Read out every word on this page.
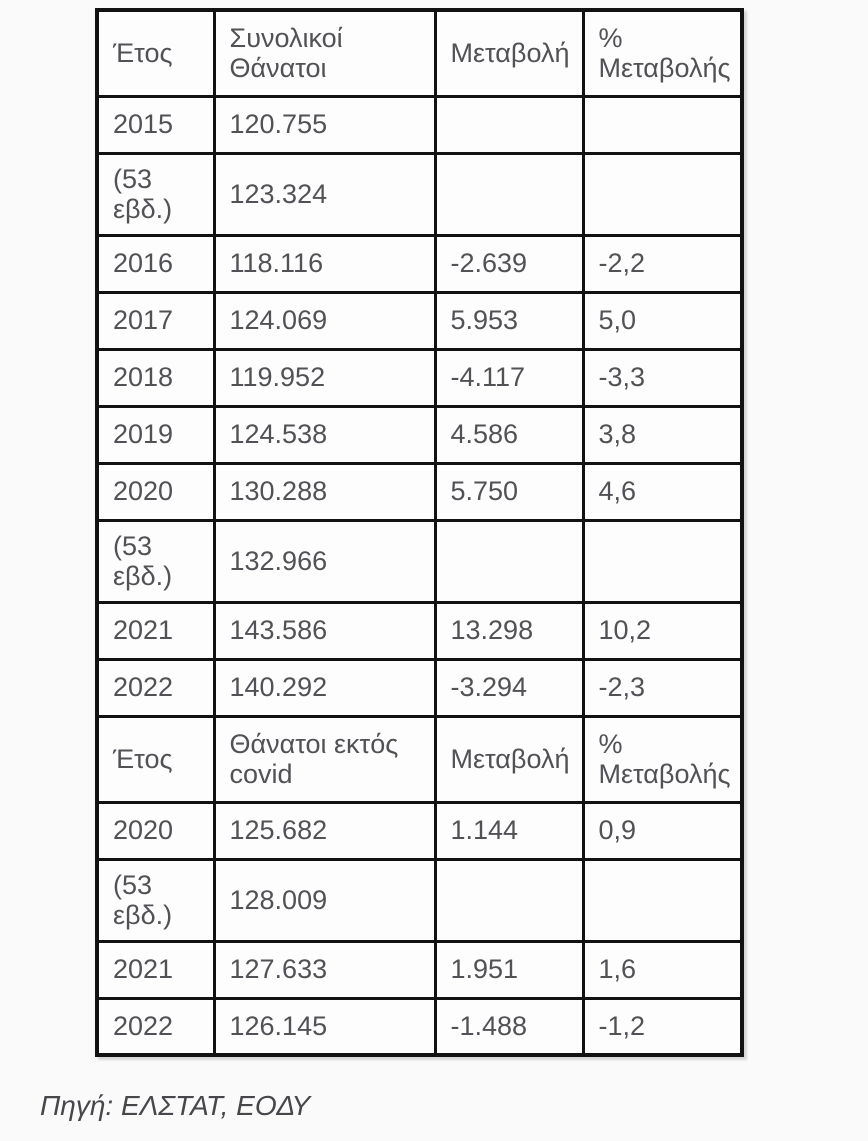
Έτος	Συνολικοί Θάνατοι	Μεταβολή	% Μεταβολής
2015	120.755		
(53 εβδ.)	123.324		
2016	118.116	-2.639	-2,2
2017	124.069	5.953	5,0
2018	119.952	-4.117	-3,3
2019	124.538	4.586	3,8
2020	130.288	5.750	4,6
(53 εβδ.)	132.966		
2021	143.586	13.298	10,2
2022	140.292	-3.294	-2,3
Έτος	Θάνατοι εκτός covid	Μεταβολή	% Μεταβολής
2020	125.682	1.144	0,9
(53 εβδ.)	128.009		
2021	127.633	1.951	1,6
2022	126.145	-1.488	-1,2
Πηγή: ΕΛΣΤΑΤ, ΕΟΔΥ
